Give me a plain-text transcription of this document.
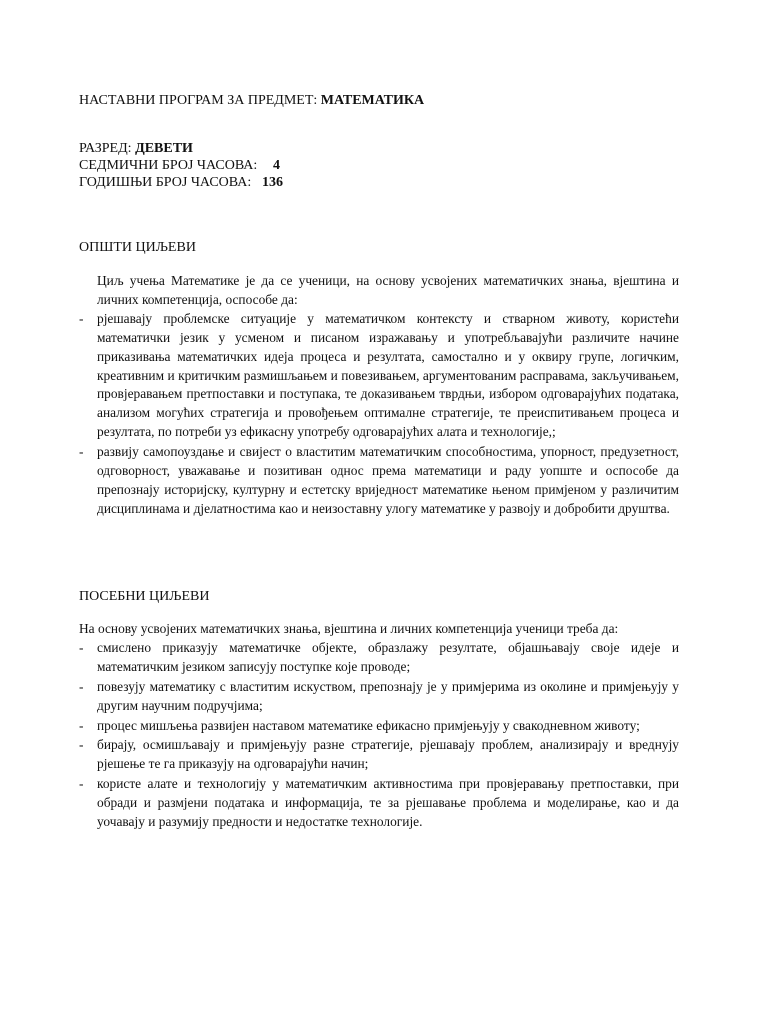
НАСТАВНИ ПРОГРАМ ЗА ПРЕДМЕТ: МАТЕМАТИКА

РАЗРЕД: ДЕВЕТИ

СЕДМИЧНИ БРОЈ ЧАСОВА: 4

ГОДИШЊИ БРОЈ ЧАСОВА: 136

ОПШТИ ЦИЉЕВИ

Циљ учења Математике је да се ученици, на основу усвојених математичких знања, вјештина и личних компетенција, оспособе да:

- рјешавају проблемске ситуације у математичком контексту и стварном животу, користећи математички језик у усменом и писаном изражавању и употребљавајући различите начине приказивања математичких идеја процеса и резултата, самостално и у оквиру групе, логичким, креативним и критичким размишљањем и повезивањем, аргументованим расправама, закључивањем, провјеравањем претпоставки и поступака, те доказивањем тврдњи, избором одговарајућих података, анализом могућих стратегија и провођењем оптималне стратегије, те преиспитивањем процеса и резултата, по потреби уз ефикасну употребу одговарајућих алата и технологије,;
- развију самопоуздање и свијест о властитим математичким способностима, упорност, предузетност, одговорност, уважавање и позитиван однос према математици и раду уопште и оспособе да препознају историјску, културну и естетску вриједност математике њеном примјеном у различитим дисциплинама и дјелатностима као и неизоставну улогу математике у развоју и добробити друштва.

ПОСЕБНИ ЦИЉЕВИ

На основу усвојених математичких знања, вјештина и личних компетенција ученици треба да:

- смислено приказују математичке објекте, образлажу резултате, објашњавају своје идеје и математичким језиком записују поступке које проводе;
- повезују математику с властитим искуством, препознају је у примјерима из околине и примјењују у другим научним подручјима;
- процес мишљења развијен наставом математике ефикасно примјењују у свакодневном животу;
- бирају, осмишљавају и примјењују разне стратегије, рјешавају проблем, анализирају и вреднују рјешење те га приказују на одговарајући начин;
- користе алате и технологију у математичким активностима при провјеравању претпоставки, при обради и размјени података и информација, те за рјешавање проблема и моделирање, као и да уочавају и разумију предности и недостатке технологије.
